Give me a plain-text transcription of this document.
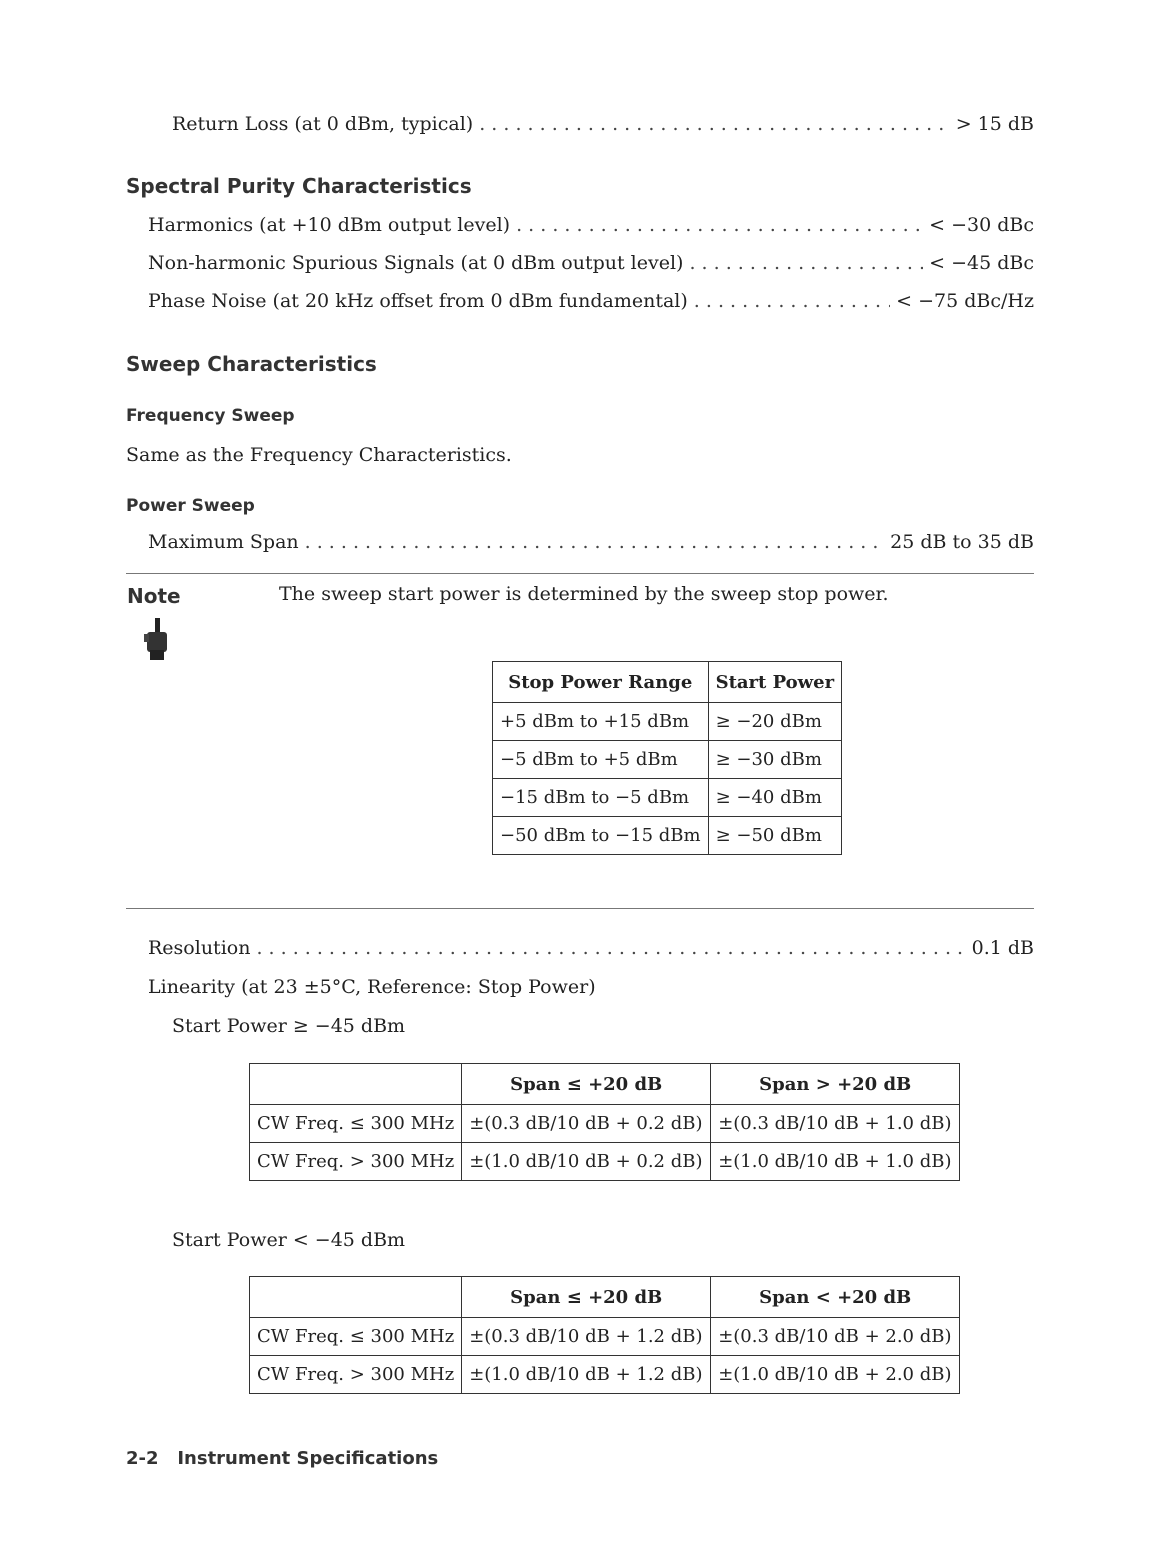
Return Loss (at 0 dBm, typical) . . .	> 15 dB
Spectral Purity Characteristics
Harmonics (at +10 dBm output level) . . .	< −30 dBc
Non-harmonic Spurious Signals (at 0 dBm output level) . . .	< −45 dBc
Phase Noise (at 20 kHz offset from 0 dBm fundamental) . . .	< −75 dBc/Hz
Sweep Characteristics
Frequency Sweep
Same as the Frequency Characteristics.
Power Sweep
Maximum Span . . .	25 dB to 35 dB
Note	The sweep start power is determined by the sweep stop power.
Stop Power Range	Start Power
+5 dBm to +15 dBm	≥ −20 dBm
−5 dBm to +5 dBm	≥ −30 dBm
−15 dBm to −5 dBm	≥ −40 dBm
−50 dBm to −15 dBm	≥ −50 dBm
Resolution . . .	0.1 dB
Linearity (at 23 ±5°C, Reference: Stop Power)
Start Power ≥ −45 dBm
	Span ≤ +20 dB	Span > +20 dB
CW Freq. ≤ 300 MHz	±(0.3 dB/10 dB + 0.2 dB)	±(0.3 dB/10 dB + 1.0 dB)
CW Freq. > 300 MHz	±(1.0 dB/10 dB + 0.2 dB)	±(1.0 dB/10 dB + 1.0 dB)
Start Power < −45 dBm
	Span ≤ +20 dB	Span < +20 dB
CW Freq. ≤ 300 MHz	±(0.3 dB/10 dB + 1.2 dB)	±(0.3 dB/10 dB + 2.0 dB)
CW Freq. > 300 MHz	±(1.0 dB/10 dB + 1.2 dB)	±(1.0 dB/10 dB + 2.0 dB)
2-2 Instrument Specifications
